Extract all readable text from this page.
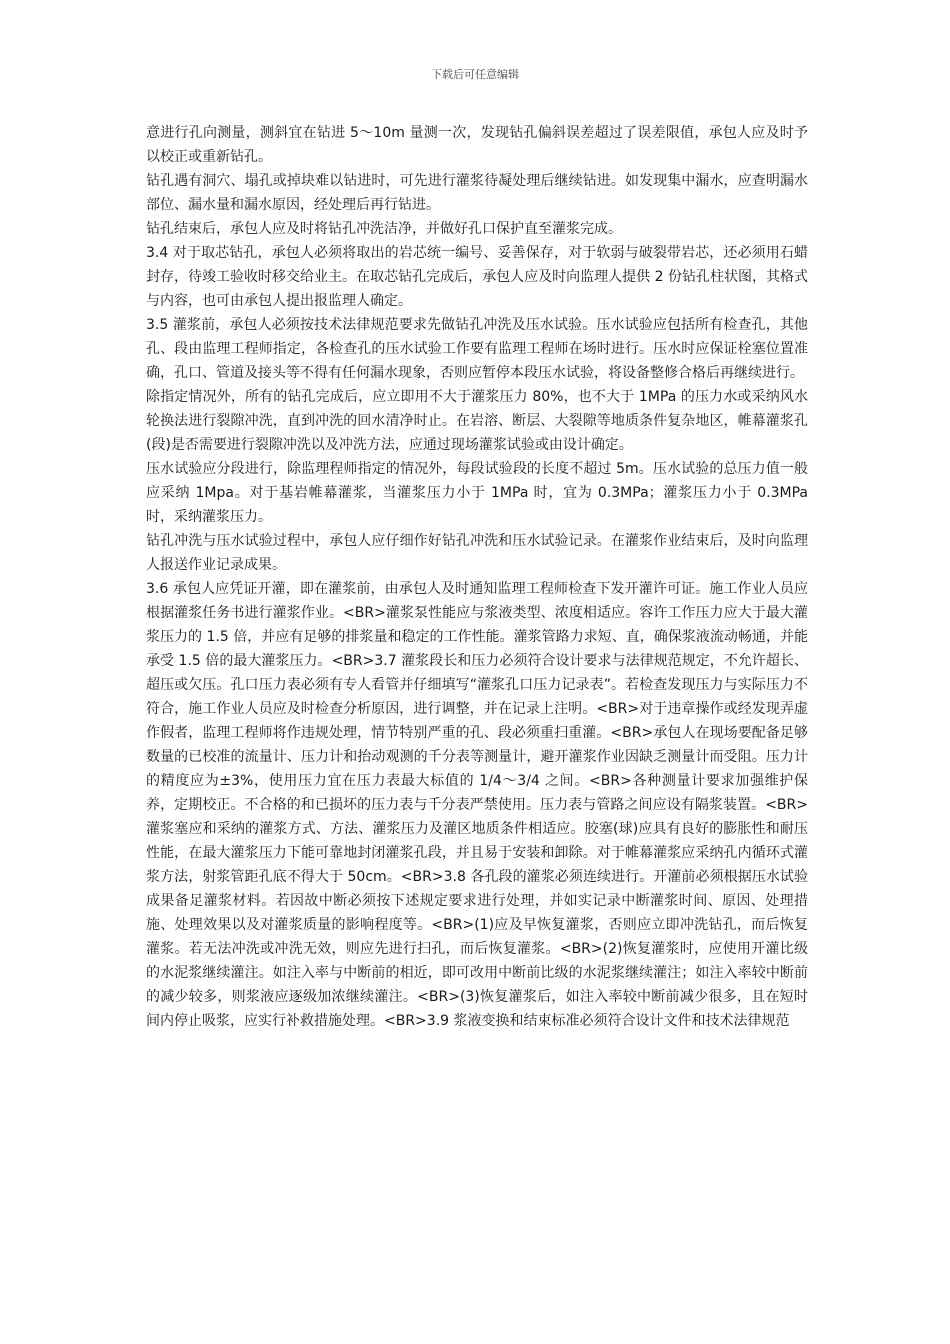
下载后可任意编辑

意进行孔向测量，测斜宜在钻进 5～10m 量测一次，发现钻孔偏斜误差超过了误差限值，承包人应及时予以校正或重新钻孔。

钻孔遇有洞穴、塌孔或掉块难以钻进时，可先进行灌浆待凝处理后继续钻进。如发现集中漏水，应查明漏水部位、漏水量和漏水原因，经处理后再行钻进。

钻孔结束后，承包人应及时将钻孔冲洗洁净，并做好孔口保护直至灌浆完成。

3.4 对于取芯钻孔，承包人必须将取出的岩芯统一编号、妥善保存，对于软弱与破裂带岩芯，还必须用石蜡封存，待竣工验收时移交给业主。在取芯钻孔完成后，承包人应及时向监理人提供 2 份钻孔柱状图，其格式与内容，也可由承包人提出报监理人确定。

3.5 灌浆前，承包人必须按技术法律规范要求先做钻孔冲洗及压水试验。压水试验应包括所有检查孔，其他孔、段由监理工程师指定，各检查孔的压水试验工作要有监理工程师在场时进行。压水时应保证栓塞位置准确，孔口、管道及接头等不得有任何漏水现象，否则应暂停本段压水试验，将设备整修合格后再继续进行。

除指定情况外，所有的钻孔完成后，应立即用不大于灌浆压力 80%，也不大于 1MPa 的压力水或采纳风水轮换法进行裂隙冲洗，直到冲洗的回水清净时止。在岩溶、断层、大裂隙等地质条件复杂地区，帷幕灌浆孔(段)是否需要进行裂隙冲洗以及冲洗方法，应通过现场灌浆试验或由设计确定。

压水试验应分段进行，除监理程师指定的情况外，每段试验段的长度不超过 5m。压水试验的总压力值一般应采纳 1Mpa。对于基岩帷幕灌浆，当灌浆压力小于 1MPa 时，宜为 0.3MPa；灌浆压力小于 0.3MPa 时，采纳灌浆压力。

钻孔冲洗与压水试验过程中，承包人应仔细作好钻孔冲洗和压水试验记录。在灌浆作业结束后，及时向监理人报送作业记录成果。

3.6 承包人应凭证开灌，即在灌浆前，由承包人及时通知监理工程师检查下发开灌许可证。施工作业人员应根据灌浆任务书进行灌浆作业。<BR>灌浆泵性能应与浆液类型、浓度相适应。容许工作压力应大于最大灌浆压力的 1.5 倍，并应有足够的排浆量和稳定的工作性能。灌浆管路力求短、直，确保浆液流动畅通，并能承受 1.5 倍的最大灌浆压力。<BR>3.7 灌浆段长和压力必须符合设计要求与法律规范规定，不允许超长、超压或欠压。孔口压力表必须有专人看管并仔细填写“灌浆孔口压力记录表”。若检查发现压力与实际压力不符合，施工作业人员应及时检查分析原因，进行调整，并在记录上注明。<BR>对于违章操作或经发现弄虚作假者，监理工程师将作违规处理，情节特别严重的孔、段必须重扫重灌。<BR>承包人在现场要配备足够数量的已校准的流量计、压力计和抬动观测的千分表等测量计，避开灌浆作业因缺乏测量计而受阻。压力计的精度应为±3%，使用压力宜在压力表最大标值的 1/4～3/4 之间。<BR>各种测量计要求加强维护保养，定期校正。不合格的和已损坏的压力表与千分表严禁使用。压力表与管路之间应设有隔浆装置。<BR>灌浆塞应和采纳的灌浆方式、方法、灌浆压力及灌区地质条件相适应。胶塞(球)应具有良好的膨胀性和耐压性能，在最大灌浆压力下能可靠地封闭灌浆孔段，并且易于安装和卸除。对于帷幕灌浆应采纳孔内循环式灌浆方法，射浆管距孔底不得大于 50cm。<BR>3.8 各孔段的灌浆必须连续进行。开灌前必须根据压水试验成果备足灌浆材料。若因故中断必须按下述规定要求进行处理，并如实记录中断灌浆时间、原因、处理措施、处理效果以及对灌浆质量的影响程度等。<BR>(1)应及早恢复灌浆，否则应立即冲洗钻孔，而后恢复灌浆。若无法冲洗或冲洗无效，则应先进行扫孔，而后恢复灌浆。<BR>(2)恢复灌浆时，应使用开灌比级的水泥浆继续灌注。如注入率与中断前的相近，即可改用中断前比级的水泥浆继续灌注；如注入率较中断前的减少较多，则浆液应逐级加浓继续灌注。<BR>(3)恢复灌浆后，如注入率较中断前减少很多，且在短时间内停止吸浆，应实行补救措施处理。<BR>3.9 浆液变换和结束标准必须符合设计文件和技术法律规范
